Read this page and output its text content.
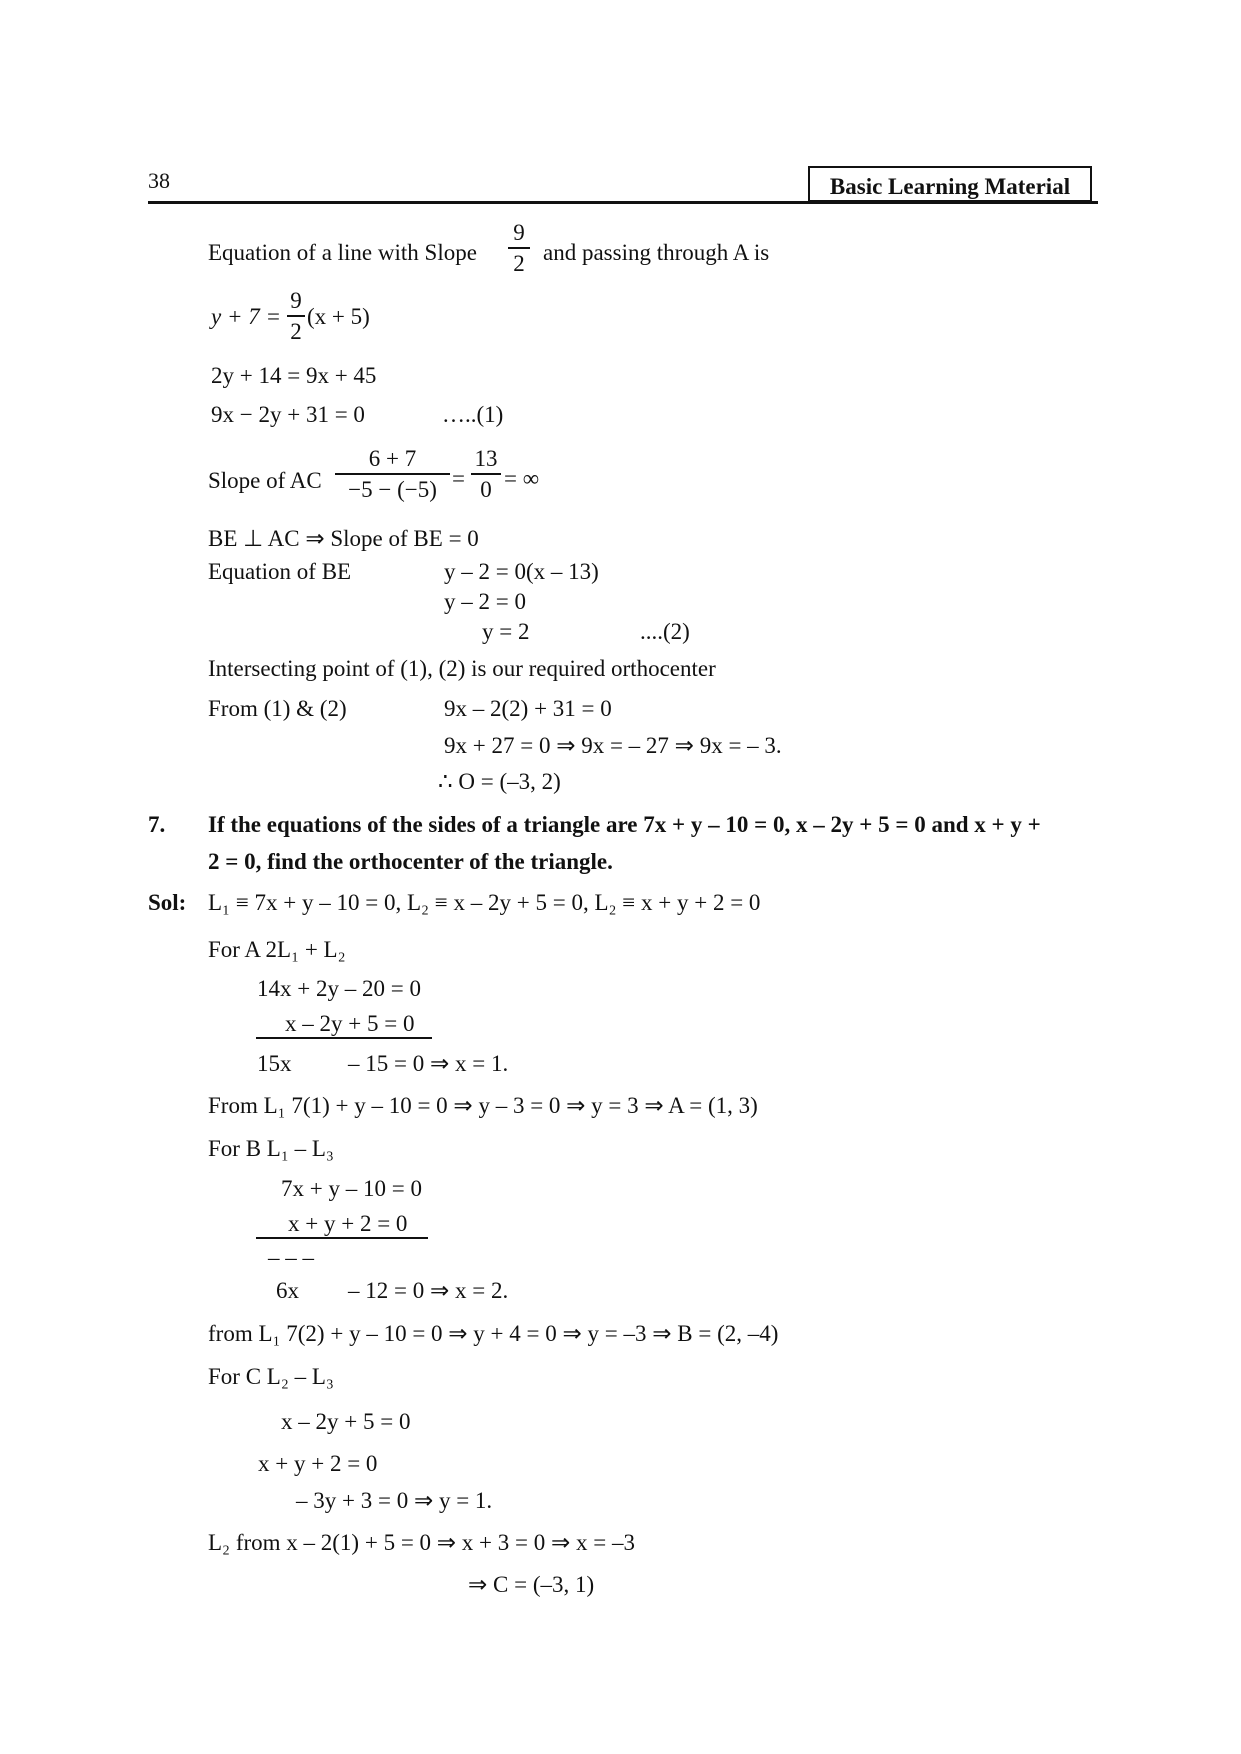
38	Basic Learning Material
Equation of a line with Slope
9
2 and passing through A is
y + 7 =
9
2
(x + 5)
2y + 14 = 9x + 45
9x − 2y + 31 = 0	…..(1)
Slope of AC
6 + 7
−5 − (−5) =
13
0 = ∞
BE ⊥ AC ⇒ Slope of BE = 0
Equation of BE	y – 2 = 0(x – 13)
y – 2 = 0
y = 2	....(2)
Intersecting point of (1), (2) is our required orthocenter
From (1) & (2)	9x – 2(2) + 31 = 0
9x + 27 = 0 ⇒ 9x = – 27 ⇒ 9x = – 3.
∴ O = (–3, 2)
7. If the equations of the sides of a triangle are 7x + y – 10 = 0, x – 2y + 5 = 0 and x + y +
2 = 0, find the orthocenter of the triangle.
Sol: L₁ ≡ 7x + y – 10 = 0, L₂ ≡ x – 2y + 5 = 0, L₂ ≡ x + y + 2 = 0
For A 2L₁ + L₂
14x + 2y – 20 = 0
x – 2y + 5 = 0
15x – 15 = 0 ⇒ x = 1.
From L₁ 7(1) + y – 10 = 0 ⇒ y – 3 = 0 ⇒ y = 3 ⇒ A = (1, 3)
For B L₁ – L₃
7x + y – 10 = 0
x + y + 2 = 0
– – –
6x – 12 = 0 ⇒ x = 2.
from L₁ 7(2) + y – 10 = 0 ⇒ y + 4 = 0 ⇒ y = –3 ⇒ B = (2, –4)
For C L₂ – L₃
x – 2y + 5 = 0
x + y + 2 = 0
– 3y + 3 = 0 ⇒ y = 1.
L₂ from x – 2(1) + 5 = 0 ⇒ x + 3 = 0 ⇒ x = –3
⇒ C = (–3, 1)
